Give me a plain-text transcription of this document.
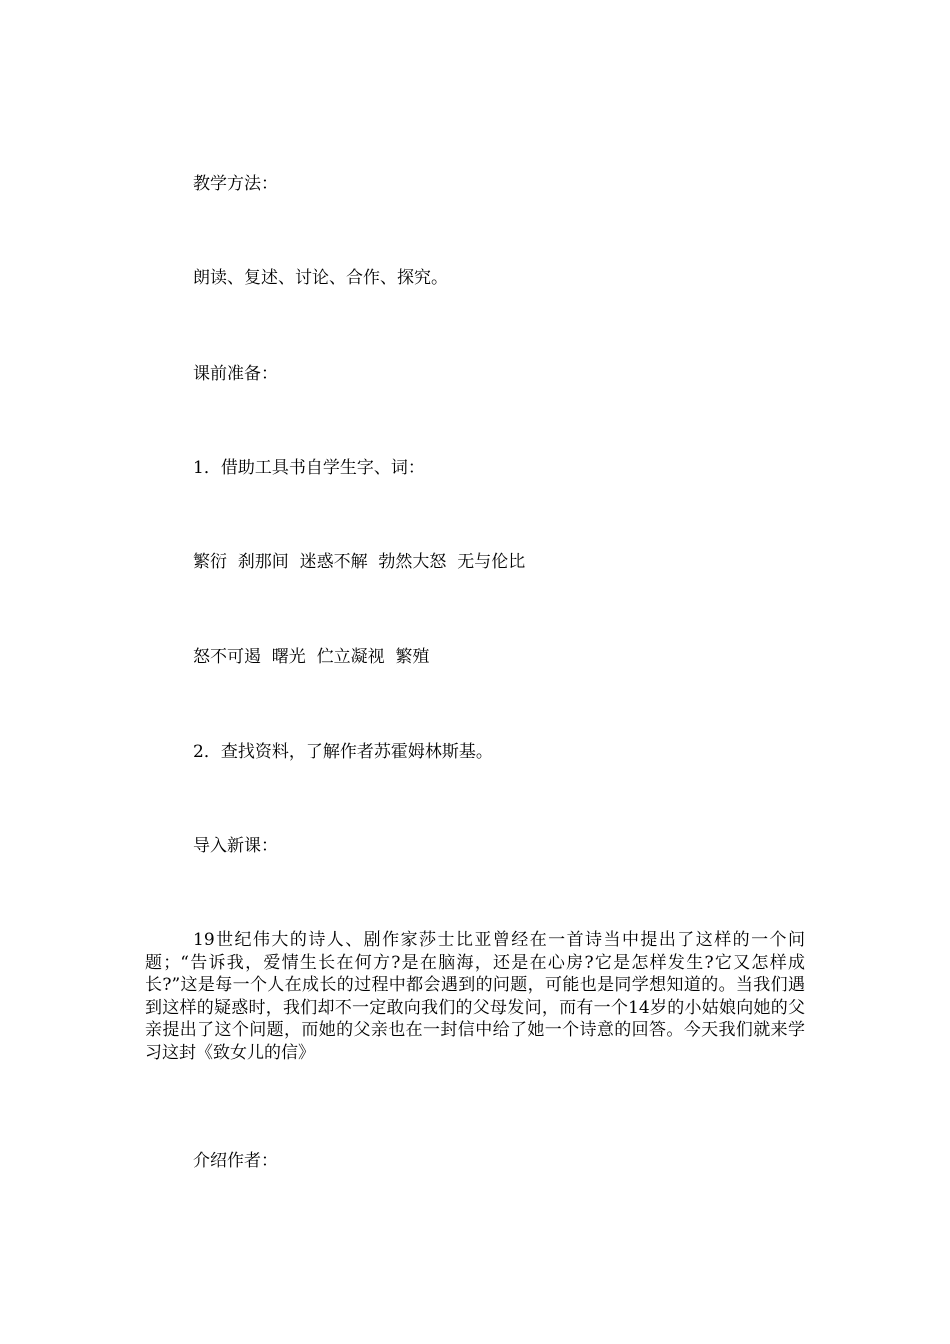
教学方法：

朗读、复述、讨论、合作、探究。

课前准备：

1．借助工具书自学生字、词：

繁衍  刹那间  迷惑不解  勃然大怒  无与伦比

怒不可遏  曙光  伫立凝视  繁殖

2．查找资料，了解作者苏霍姆林斯基。

导入新课：

19世纪伟大的诗人、剧作家莎士比亚曾经在一首诗当中提出了这样的一个问题；“告诉我，爱情生长在何方?是在脑海，还是在心房?它是怎样发生?它又怎样成长?”这是每一个人在成长的过程中都会遇到的问题，可能也是同学想知道的。当我们遇到这样的疑惑时，我们却不一定敢向我们的父母发问，而有一个14岁的小姑娘向她的父亲提出了这个问题，而她的父亲也在一封信中给了她一个诗意的回答。今天我们就来学习这封《致女儿的信》

介绍作者：
